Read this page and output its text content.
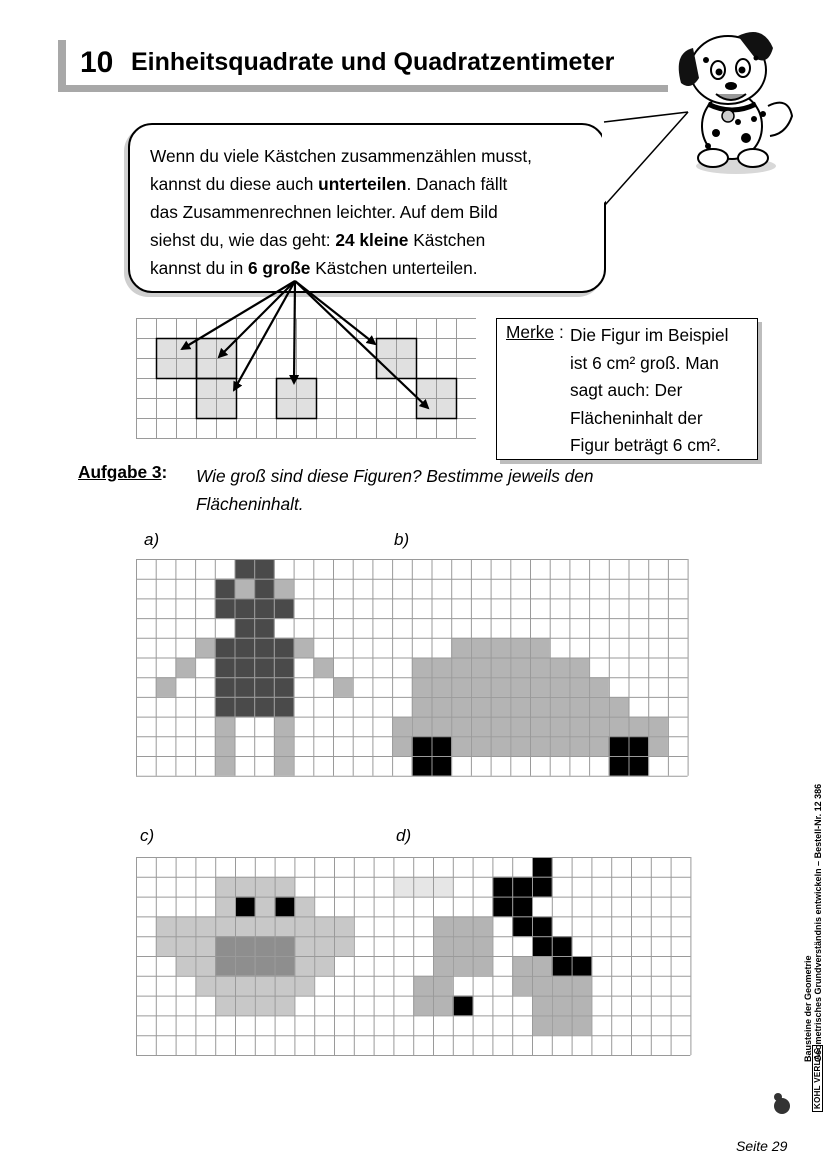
10 Einheitsquadrate und Quadratzentimeter
Wenn du viele Kästchen zusammenzählen musst,
kannst du diese auch unterteilen. Danach fällt
das Zusammenrechnen leichter. Auf dem Bild
siehst du, wie das geht: 24 kleine Kästchen
kannst du in 6 große Kästchen unterteilen.
Merke : Die Figur im Beispiel
ist 6 cm² groß. Man
sagt auch: Der
Flächeninhalt der
Figur beträgt 6 cm².
Aufgabe 3: Wie groß sind diese Figuren? Bestimme jeweils den
Flächeninhalt.
a)	b)
c)	d)
Bausteine der Geometrie Geometrisches Grundverständnis entwickeln – Bestell-Nr. 12 386
KOHL VERLAG
Seite 29
